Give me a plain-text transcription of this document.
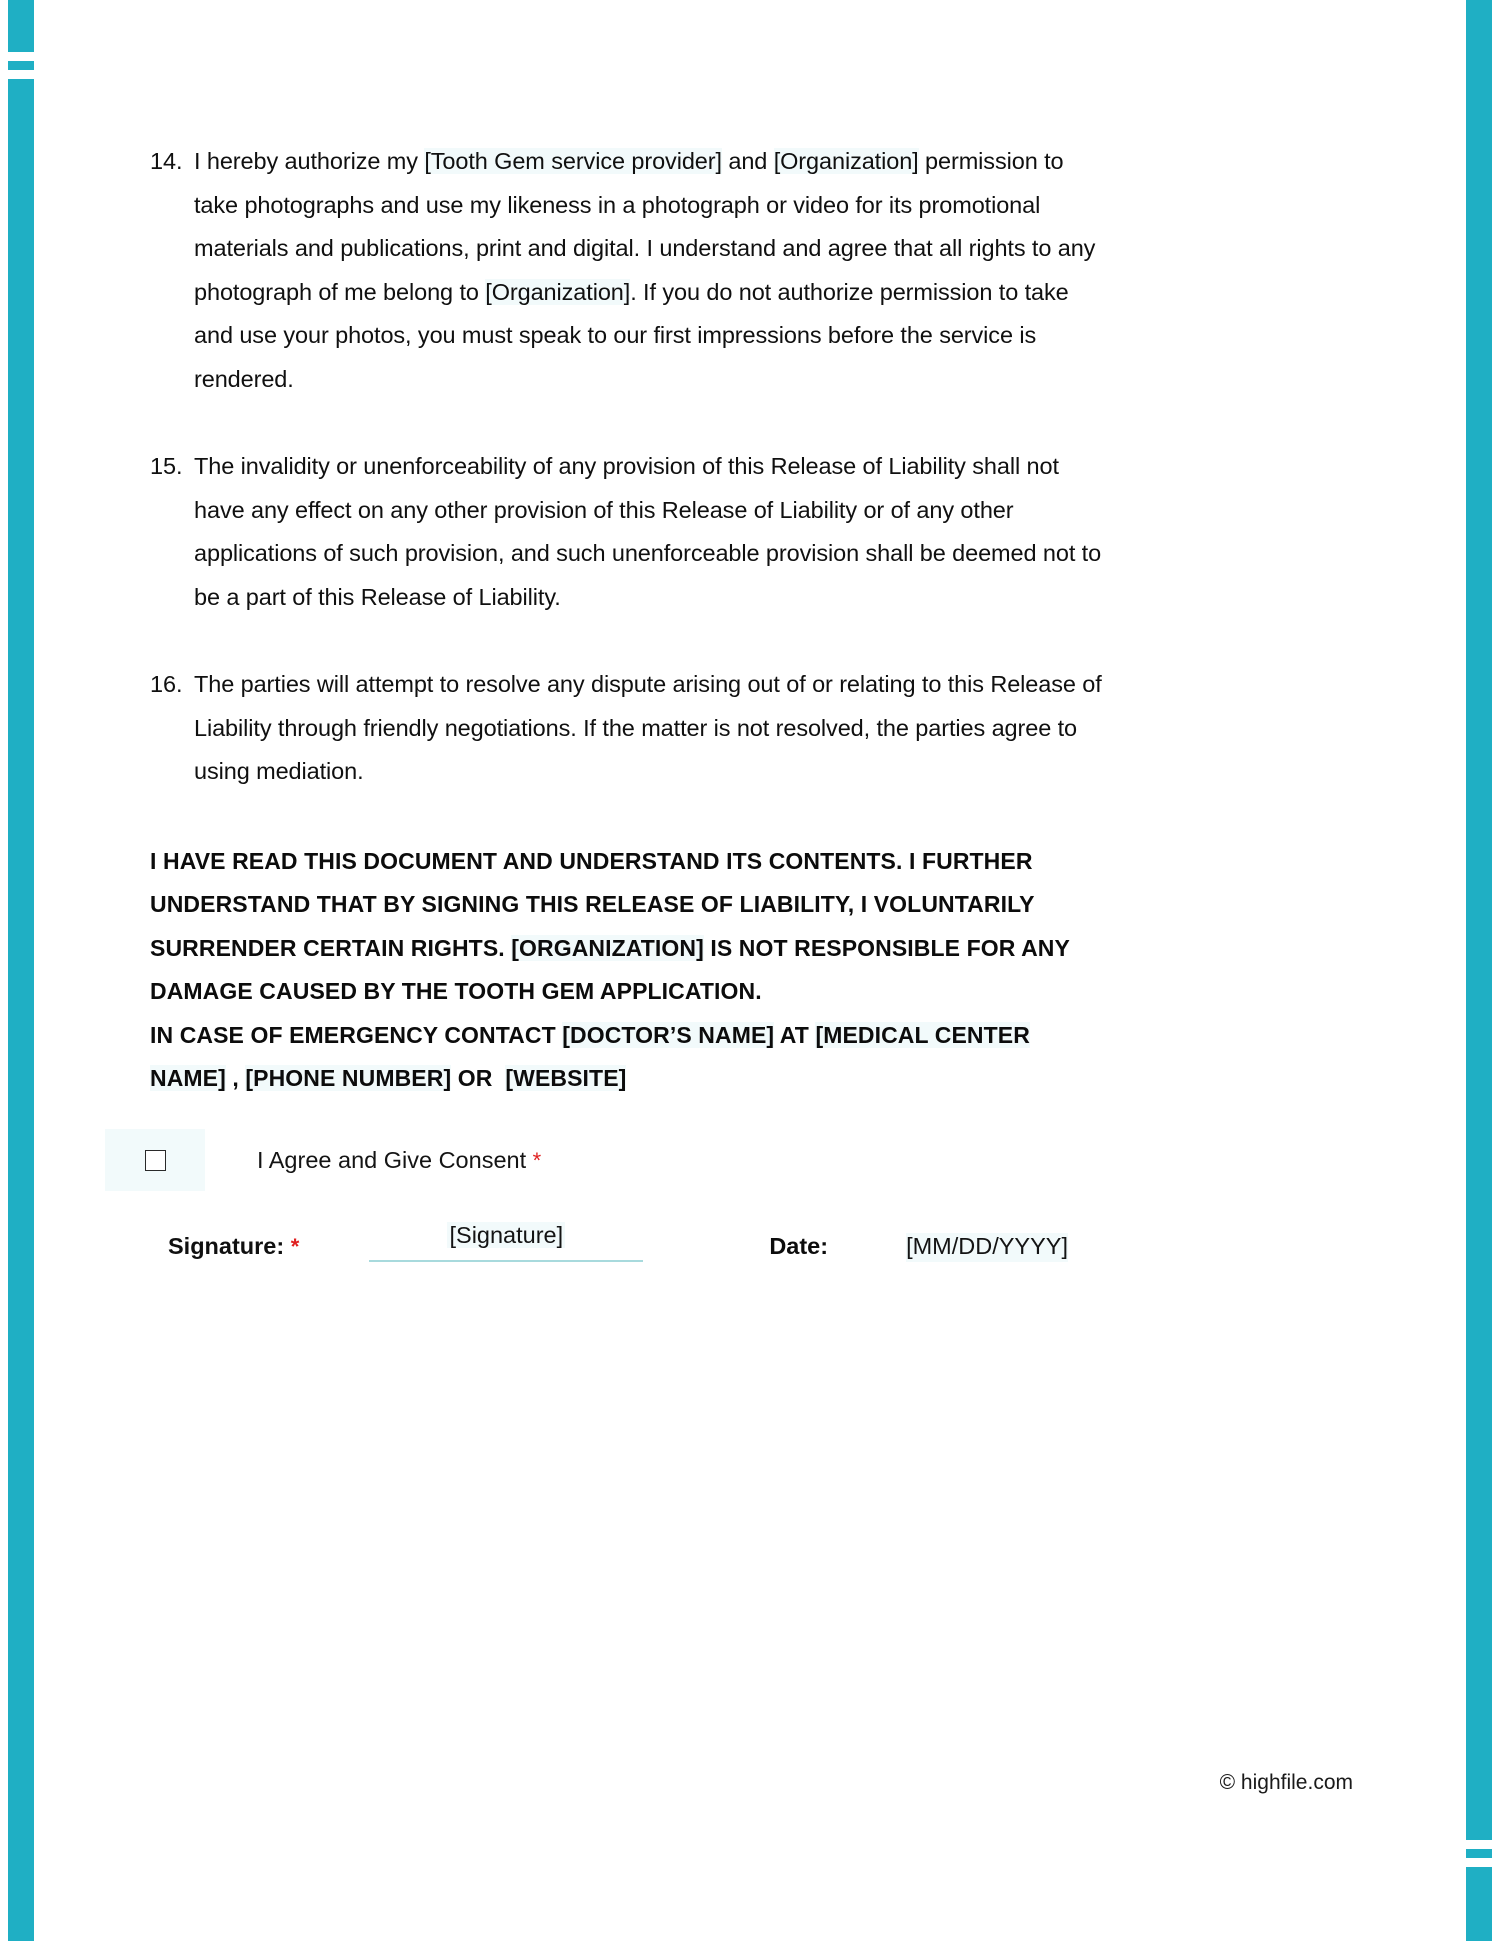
14. I hereby authorize my [Tooth Gem service provider] and [Organization] permission to take photographs and use my likeness in a photograph or video for its promotional materials and publications, print and digital. I understand and agree that all rights to any photograph of me belong to [Organization]. If you do not authorize permission to take and use your photos, you must speak to our first impressions before the service is rendered.
15. The invalidity or unenforceability of any provision of this Release of Liability shall not have any effect on any other provision of this Release of Liability or of any other applications of such provision, and such unenforceable provision shall be deemed not to be a part of this Release of Liability.
16. The parties will attempt to resolve any dispute arising out of or relating to this Release of Liability through friendly negotiations. If the matter is not resolved, the parties agree to using mediation.
I HAVE READ THIS DOCUMENT AND UNDERSTAND ITS CONTENTS. I FURTHER UNDERSTAND THAT BY SIGNING THIS RELEASE OF LIABILITY, I VOLUNTARILY SURRENDER CERTAIN RIGHTS. [ORGANIZATION] IS NOT RESPONSIBLE FOR ANY DAMAGE CAUSED BY THE TOOTH GEM APPLICATION.
IN CASE OF EMERGENCY CONTACT [DOCTOR’S NAME] AT [MEDICAL CENTER NAME] , [PHONE NUMBER] OR  [WEBSITE]
I Agree and Give Consent *
Signature: *	[Signature]	Date:	[MM/DD/YYYY]
© highfile.com
